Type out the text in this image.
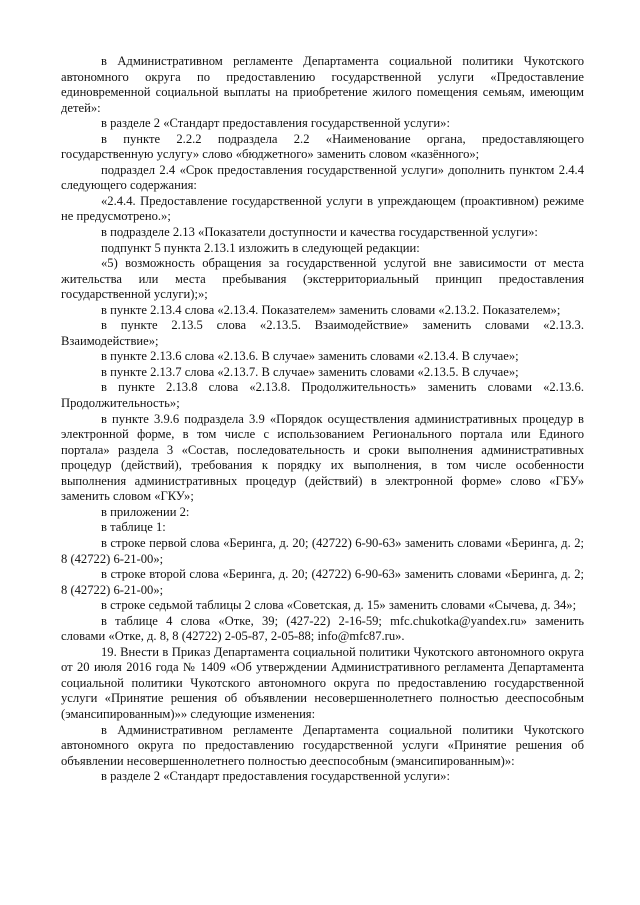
в Административном регламенте Департамента социальной политики Чукотского автономного округа по предоставлению государственной услуги «Предоставление единовременной социальной выплаты на приобретение жилого помещения семьям, имеющим детей»:

в разделе 2 «Стандарт предоставления государственной услуги»:

в пункте 2.2.2 подраздела 2.2 «Наименование органа, предоставляющего государственную услугу» слово «бюджетного» заменить словом «казённого»;

подраздел 2.4 «Срок предоставления государственной услуги» дополнить пунктом 2.4.4 следующего содержания:

«2.4.4. Предоставление государственной услуги в упреждающем (проактивном) режиме не предусмотрено.»;

в подразделе 2.13 «Показатели доступности и качества государственной услуги»:

подпункт 5 пункта 2.13.1 изложить в следующей редакции:

«5) возможность обращения за государственной услугой вне зависимости от места жительства или места пребывания (экстерриториальный принцип предоставления государственной услуги);»;

в пункте 2.13.4 слова «2.13.4. Показателем» заменить словами «2.13.2. Показателем»;

в пункте 2.13.5 слова «2.13.5. Взаимодействие» заменить словами «2.13.3. Взаимодействие»;

в пункте 2.13.6 слова «2.13.6. В случае» заменить словами «2.13.4. В случае»;

в пункте 2.13.7 слова «2.13.7. В случае» заменить словами «2.13.5. В случае»;

в пункте 2.13.8 слова «2.13.8. Продолжительность» заменить словами «2.13.6. Продолжительность»;

в пункте 3.9.6 подраздела 3.9 «Порядок осуществления административных процедур в электронной форме, в том числе с использованием Регионального портала или Единого портала» раздела 3 «Состав, последовательность и сроки выполнения административных процедур (действий), требования к порядку их выполнения, в том числе особенности выполнения административных процедур (действий) в электронной форме» слово «ГБУ» заменить словом «ГКУ»;

в приложении 2:

в таблице 1:

в строке первой слова «Беринга, д. 20; (42722) 6-90-63» заменить словами «Беринга, д. 2; 8 (42722) 6-21-00»;

в строке второй слова «Беринга, д. 20; (42722) 6-90-63» заменить словами «Беринга, д. 2; 8 (42722) 6-21-00»;

в строке седьмой таблицы 2 слова «Советская, д. 15» заменить словами «Сычева, д. 34»;

в таблице 4 слова «Отке, 39; (427-22) 2-16-59; mfc.chukotka@yandex.ru» заменить словами «Отке, д. 8, 8 (42722) 2-05-87, 2-05-88; info@mfc87.ru».

19. Внести в Приказ Департамента социальной политики Чукотского автономного округа от 20 июля 2016 года № 1409 «Об утверждении Административного регламента Департамента социальной политики Чукотского автономного округа по предоставлению государственной услуги «Принятие решения об объявлении несовершеннолетнего полностью дееспособным (эмансипированным)»» следующие изменения:

в Административном регламенте Департамента социальной политики Чукотского автономного округа по предоставлению государственной услуги «Принятие решения об объявлении несовершеннолетнего полностью дееспособным (эмансипированным)»:

в разделе 2 «Стандарт предоставления государственной услуги»:
